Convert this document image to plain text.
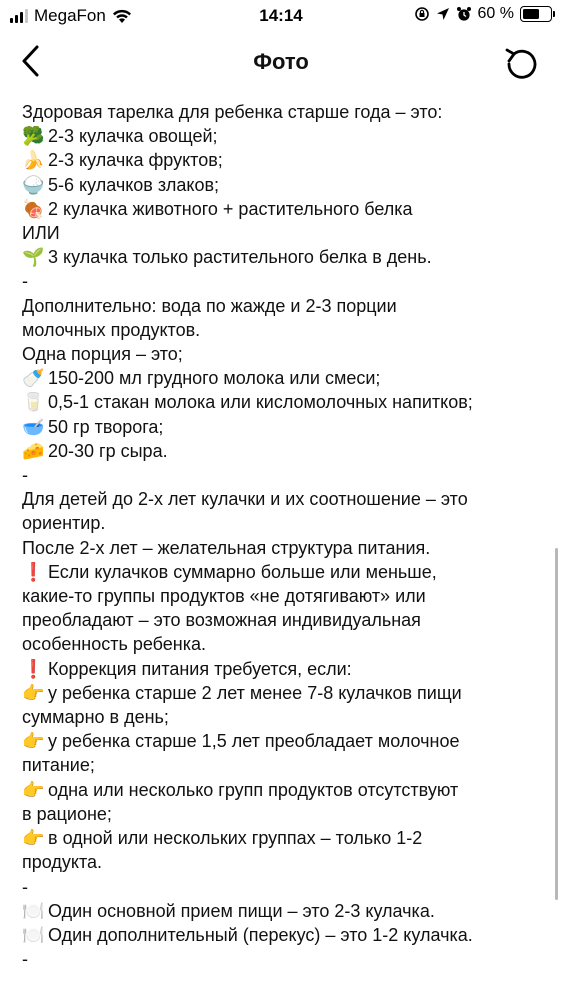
MegaFon	14:14	60 %
Фото
Здоровая тарелка для ребенка старше года – это:
🥦 2-3 кулачка овощей;
🍌 2-3 кулачка фруктов;
🍚 5-6 кулачков злаков;
🍖 2 кулачка животного + растительного белка
ИЛИ
🌱 3 кулачка только растительного белка в день.
-
Дополнительно: вода по жажде и 2-3 порции
молочных продуктов.
Одна порция – это;
🍼 150-200 мл грудного молока или смеси;
🥛 0,5-1 стакан молока или кисломолочных напитков;
🥣 50 гр творога;
🧀 20-30 гр сыра.
-
Для детей до 2-х лет кулачки и их соотношение – это
ориентир.
После 2-х лет – желательная структура питания.
❗ Если кулачков суммарно больше или меньше,
какие-то группы продуктов «не дотягивают» или
преобладают – это возможная индивидуальная
особенность ребенка.
❗ Коррекция питания требуется, если:
👉 у ребенка старше 2 лет менее 7-8 кулачков пищи
суммарно в день;
👉 у ребенка старше 1,5 лет преобладает молочное
питание;
👉 одна или несколько групп продуктов отсутствуют
в рационе;
👉 в одной или нескольких группах – только 1-2
продукта.
-
🍽️ Один основной прием пищи – это 2-3 кулачка.
🍽️ Один дополнительный (перекус) – это 1-2 кулачка.
-
